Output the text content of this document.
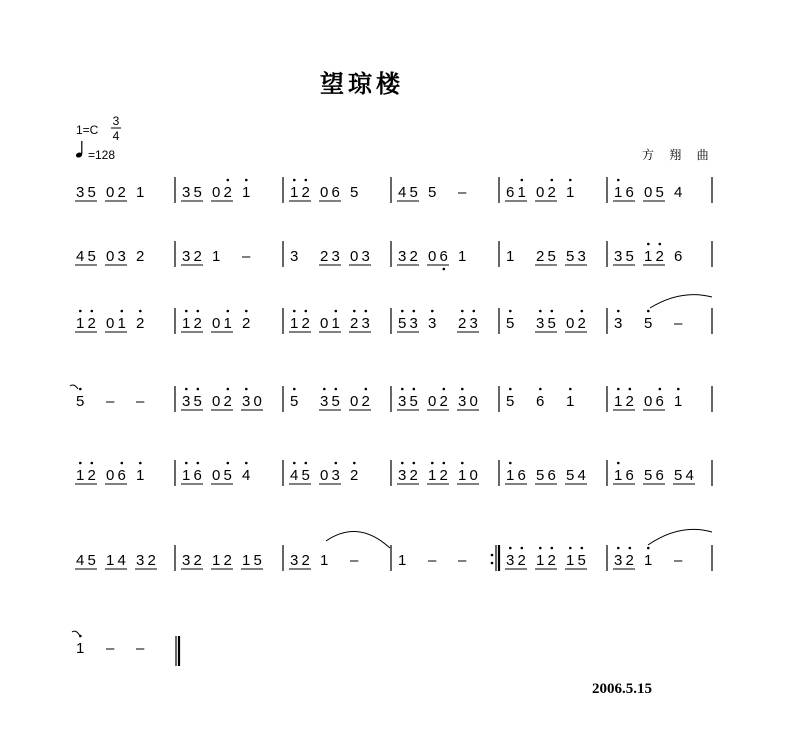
望琼楼
1=C
3
4
=128	方 翔 曲
3 5 0 2 1	3 5 0 2 1	1 2 0 6 5	4 5 5 –	6 1 0 2 1	1 6 0 5 4
4 5 0 3 2	3 2 1 –	3 2 3 0 3 3 2 0 6 1	1 2 5 5 3 3 5 1 2 6
1 2 0 1 2	1 2 0 1 2	1 2 0 1 2 3 5 3 3 2 3 5 3 5 0 2 3 5 –
5 – –	3 5 0 2 3 0 5 3 5 0 2 3 5 0 2 3 0 5 6 1	1 2 0 6 1
1 2 0 6 1	1 6 0 5 4	4 5 0 3 2	3 2 1 2 1 0 1 6 5 6 5 4 1 6 5 6 5 4
4 5 1 4 3 2 3 2 1 2 1 5 3 2 1 –	1 – –	3 2 1 2 1 5 3 2 1 –
1 – –
2006.5.15
